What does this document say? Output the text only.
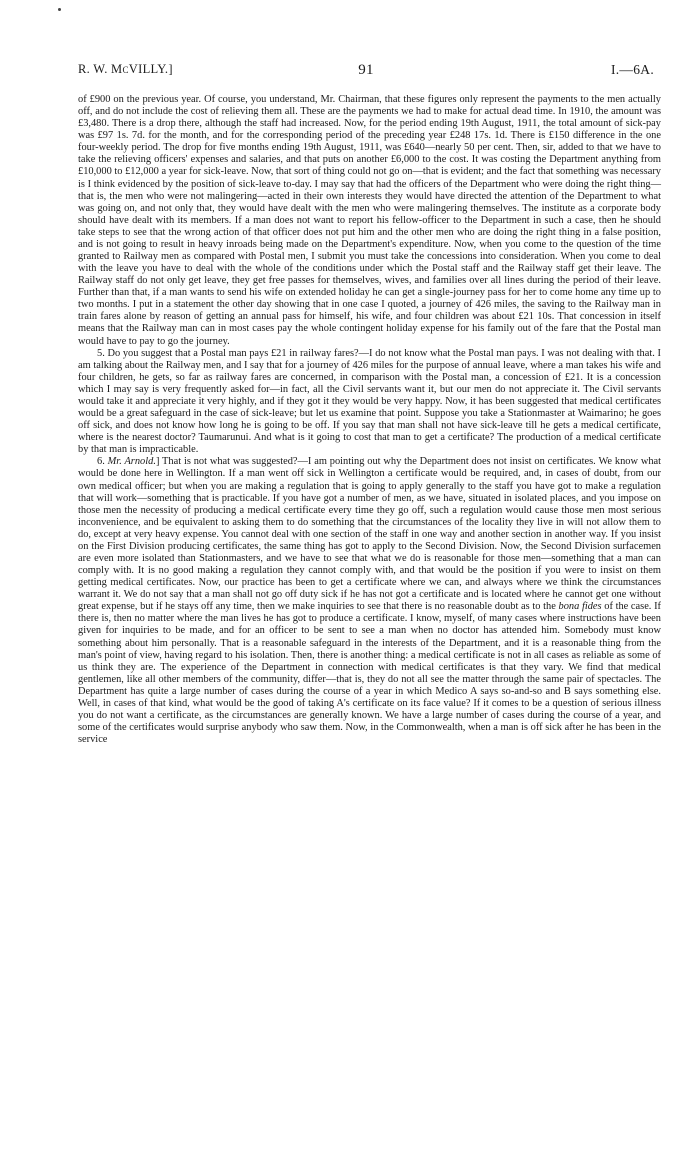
R. W. McVILLY.]	91	I.—6A.

of £900 on the previous year. Of course, you understand, Mr. Chairman, that these figures only represent the payments to the men actually off, and do not include the cost of relieving them all. These are the payments we had to make for actual dead time. In 1910, the amount was £3,480. There is a drop there, although the staff had increased. Now, for the period ending 19th August, 1911, the total amount of sick-pay was £97 1s. 7d. for the month, and for the corresponding period of the preceding year £248 17s. 1d. There is £150 difference in the one four-weekly period. The drop for five months ending 19th August, 1911, was £640—nearly 50 per cent. Then, sir, added to that we have to take the relieving officers' expenses and salaries, and that puts on another £6,000 to the cost. It was costing the Department anything from £10,000 to £12,000 a year for sick-leave. Now, that sort of thing could not go on—that is evident; and the fact that something was necessary is I think evidenced by the position of sick-leave to-day. I may say that had the officers of the Department who were doing the right thing—that is, the men who were not malingering—acted in their own interests they would have directed the attention of the Department to what was going on, and not only that, they would have dealt with the men who were malingering themselves. The institute as a corporate body should have dealt with its members. If a man does not want to report his fellow-officer to the Department in such a case, then he should take steps to see that the wrong action of that officer does not put him and the other men who are doing the right thing in a false position, and is not going to result in heavy inroads being made on the Department's expenditure. Now, when you come to the question of the time granted to Railway men as compared with Postal men, I submit you must take the concessions into consideration. When you come to deal with the leave you have to deal with the whole of the conditions under which the Postal staff and the Railway staff get their leave. The Railway staff do not only get leave, they get free passes for themselves, wives, and families over all lines during the period of their leave. Further than that, if a man wants to send his wife on extended holiday he can get a single-journey pass for her to come home any time up to two months. I put in a statement the other day showing that in one case I quoted, a journey of 426 miles, the saving to the Railway man in train fares alone by reason of getting an annual pass for himself, his wife, and four children was about £21 10s. That concession in itself means that the Railway man can in most cases pay the whole contingent holiday expense for his family out of the fare that the Postal man would have to pay to go the journey.

5. Do you suggest that a Postal man pays £21 in railway fares?—I do not know what the Postal man pays. I was not dealing with that. I am talking about the Railway men, and I say that for a journey of 426 miles for the purpose of annual leave, where a man takes his wife and four children, he gets, so far as railway fares are concerned, in comparison with the Postal man, a concession of £21. It is a concession which I may say is very frequently asked for—in fact, all the Civil servants want it, but our men do not appreciate it. The Civil servants would take it and appreciate it very highly, and if they got it they would be very happy. Now, it has been suggested that medical certificates would be a great safeguard in the case of sick-leave; but let us examine that point. Suppose you take a Stationmaster at Waimarino; he goes off sick, and does not know how long he is going to be off. If you say that man shall not have sick-leave till he gets a medical certificate, where is the nearest doctor? Taumarunui. And what is it going to cost that man to get a certificate? The production of a medical certificate by that man is impracticable.

6. Mr. Arnold.] That is not what was suggested?—I am pointing out why the Department does not insist on certificates. We know what would be done here in Wellington. If a man went off sick in Wellington a certificate would be required, and, in cases of doubt, from our own medical officer; but when you are making a regulation that is going to apply generally to the staff you have got to make a regulation that will work—something that is practicable. If you have got a number of men, as we have, situated in isolated places, and you impose on those men the necessity of producing a medical certificate every time they go off, such a regulation would cause those men most serious inconvenience, and be equivalent to asking them to do something that the circumstances of the locality they live in will not allow them to do, except at very heavy expense. You cannot deal with one section of the staff in one way and another section in another way. If you insist on the First Division producing certificates, the same thing has got to apply to the Second Division. Now, the Second Division surfacemen are even more isolated than Stationmasters, and we have to see that what we do is reasonable for those men—something that a man can comply with. It is no good making a regulation they cannot comply with, and that would be the position if you were to insist on them getting medical certificates. Now, our practice has been to get a certificate where we can, and always where we think the circumstances warrant it. We do not say that a man shall not go off duty sick if he has not got a certificate and is located where he cannot get one without great expense, but if he stays off any time, then we make inquiries to see that there is no reasonable doubt as to the bona fides of the case. If there is, then no matter where the man lives he has got to produce a certificate. I know, myself, of many cases where instructions have been given for inquiries to be made, and for an officer to be sent to see a man when no doctor has attended him. Somebody must know something about him personally. That is a reasonable safeguard in the interests of the Department, and it is a reasonable thing from the man's point of view, having regard to his isolation. Then, there is another thing: a medical certificate is not in all cases as reliable as some of us think they are. The experience of the Department in connection with medical certificates is that they vary. We find that medical gentlemen, like all other members of the community, differ—that is, they do not all see the matter through the same pair of spectacles. The Department has quite a large number of cases during the course of a year in which Medico A says so-and-so and B says something else. Well, in cases of that kind, what would be the good of taking A's certificate on its face value? If it comes to be a question of serious illness you do not want a certificate, as the circumstances are generally known. We have a large number of cases during the course of a year, and some of the certificates would surprise anybody who saw them. Now, in the Commonwealth, when a man is off sick after he has been in the service
